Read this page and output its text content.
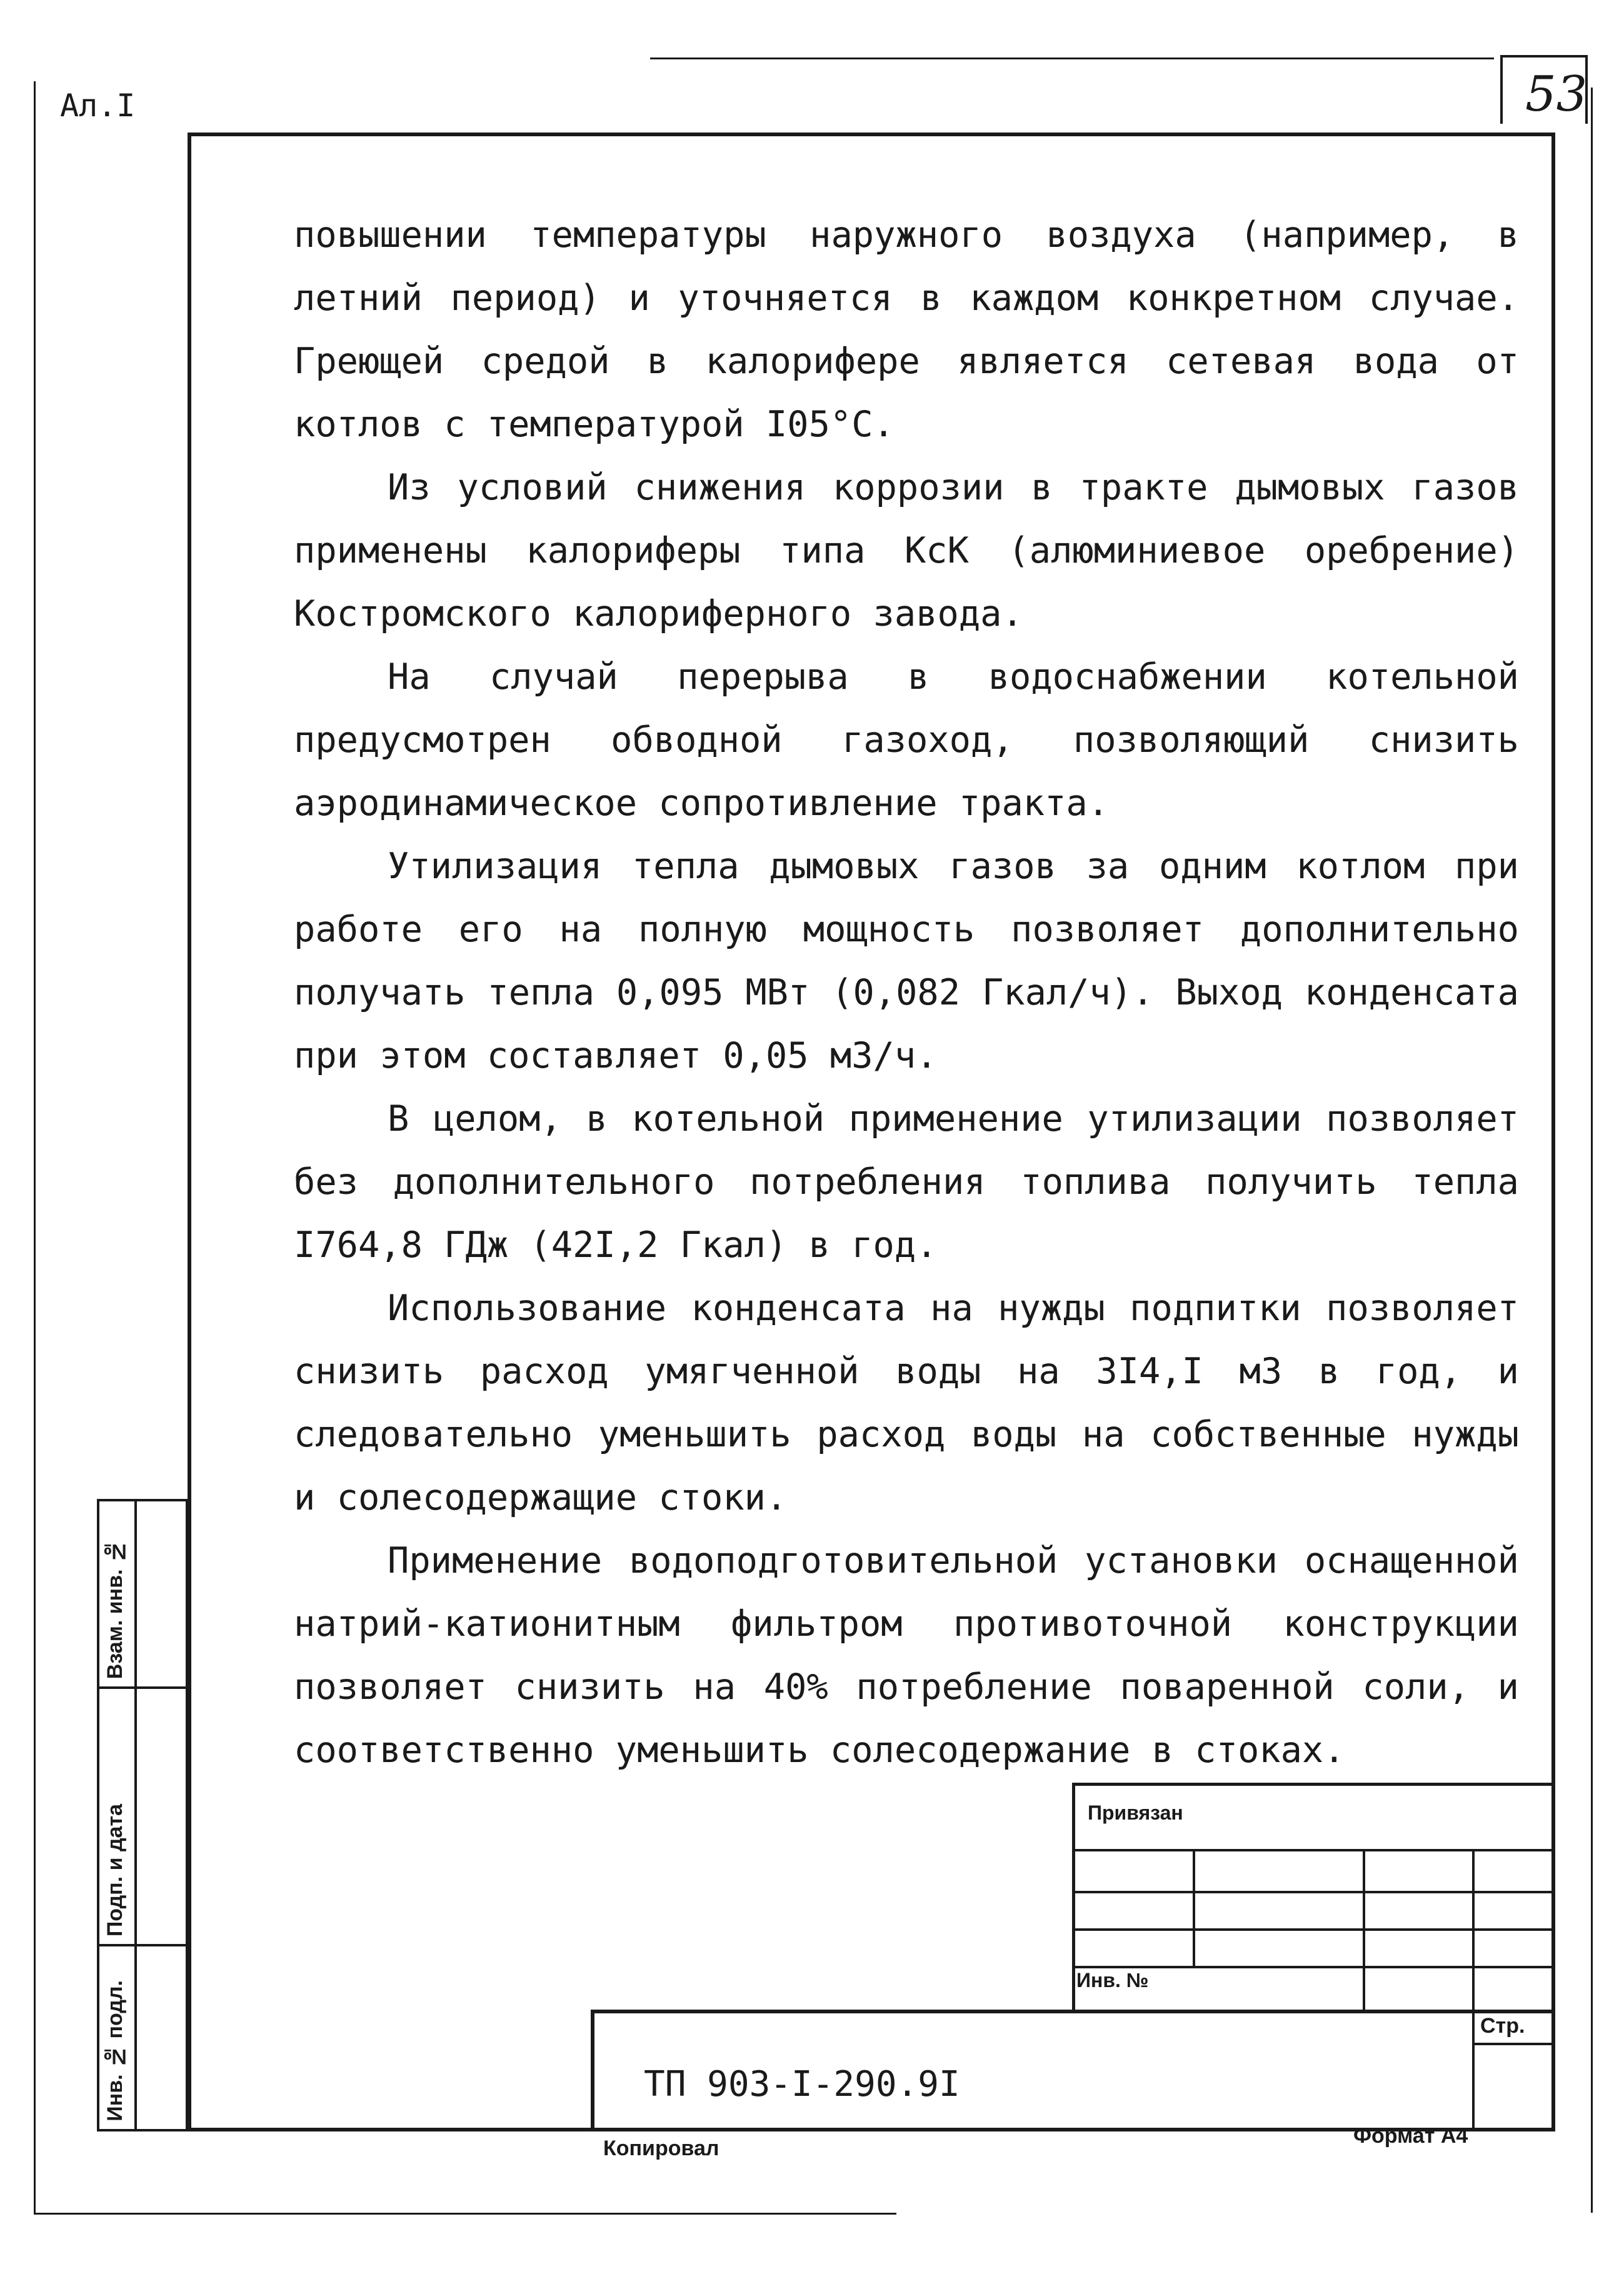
Ал.I	53

повышении температуры наружного воздуха (например, в летний период) и уточняется в каждом конкретном случае. Греющей средой в калорифере является сетевая вода от котлов с температурой I05°С.

Из условий снижения коррозии в тракте дымовых газов применены калориферы типа КсК (алюминиевое оребрение) Костромского калориферного завода.

На случай перерыва в водоснабжении котельной предусмотрен обводной газоход, позволяющий снизить аэродинамическое сопротивление тракта.

Утилизация тепла дымовых газов за одним котлом при работе его на полную мощность позволяет дополнительно получать тепла 0,095 МВт (0,082 Гкал/ч). Выход конденсата при этом составляет 0,05 м3/ч.

В целом, в котельной применение утилизации позволяет без дополнительного потребления топлива получить тепла I764,8 ГДж (42I,2 Гкал) в год.

Использование конденсата на нужды подпитки позволяет снизить расход умягченной воды на 3I4,I м3 в год, и следовательно уменьшить расход воды на собственные нужды и солесодержащие стоки.

Применение водоподготовительной установки оснащенной натрий-катионитным фильтром противоточной конструкции позволяет снизить на 40% потребление поваренной соли, и соответственно уменьшить солесодержание в стоках.

Взам. инв. №
Подп. и дата
Инв. № подл.
Привязан
Инв. №
ТП 903-I-290.9I
Стр.
Копировал
Формат А4
